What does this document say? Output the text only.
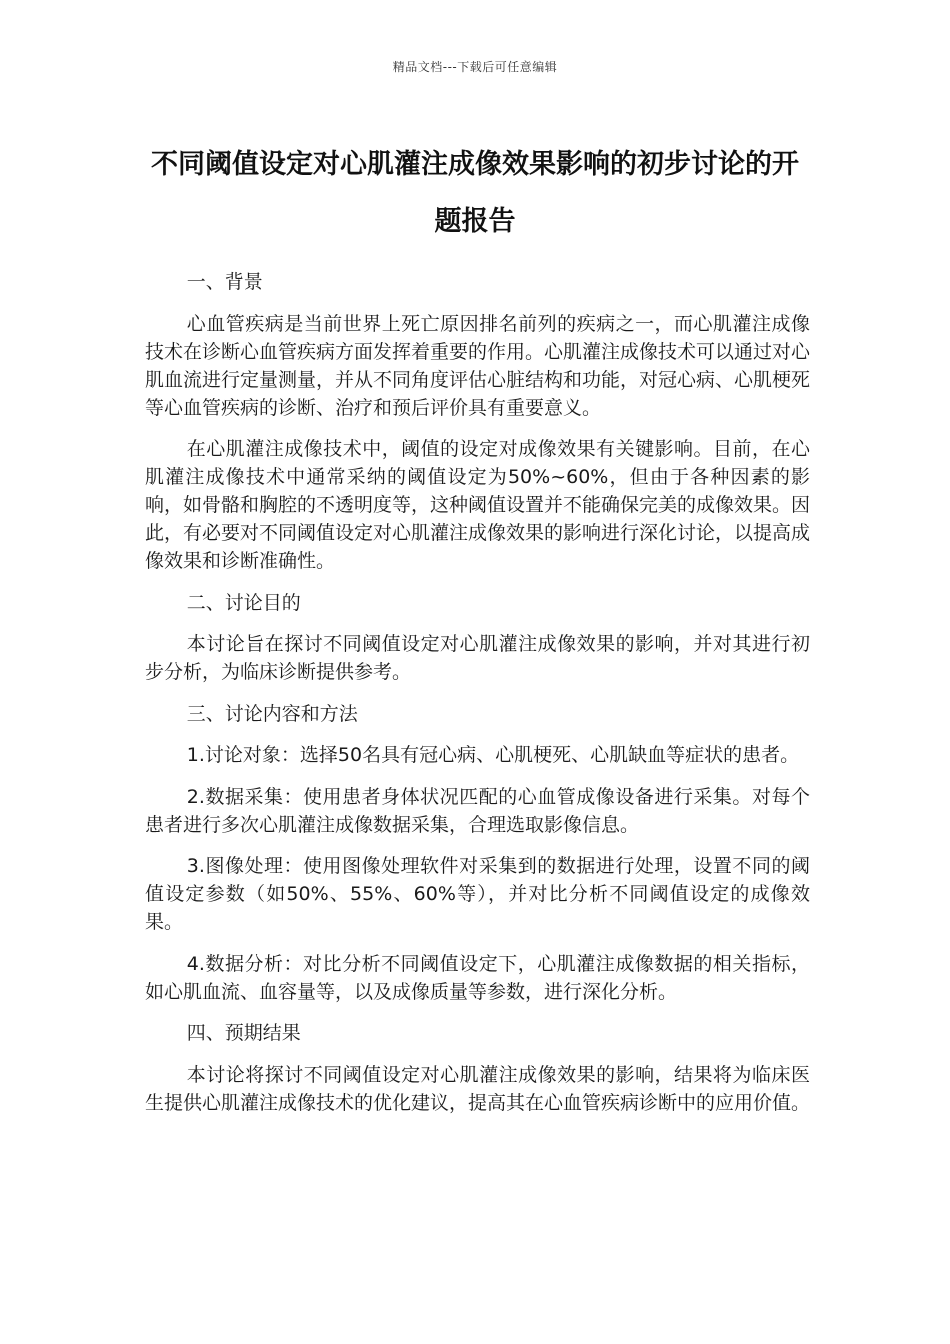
精品文档---下载后可任意编辑
不同阈值设定对心肌灌注成像效果影响的初步讨论的开题报告
一、背景
心血管疾病是当前世界上死亡原因排名前列的疾病之一，而心肌灌注成像技术在诊断心血管疾病方面发挥着重要的作用。心肌灌注成像技术可以通过对心肌血流进行定量测量，并从不同角度评估心脏结构和功能，对冠心病、心肌梗死等心血管疾病的诊断、治疗和预后评价具有重要意义。
在心肌灌注成像技术中，阈值的设定对成像效果有关键影响。目前，在心肌灌注成像技术中通常采纳的阈值设定为50%~60%，但由于各种因素的影响，如骨骼和胸腔的不透明度等，这种阈值设置并不能确保完美的成像效果。因此，有必要对不同阈值设定对心肌灌注成像效果的影响进行深化讨论，以提高成像效果和诊断准确性。
二、讨论目的
本讨论旨在探讨不同阈值设定对心肌灌注成像效果的影响，并对其进行初步分析，为临床诊断提供参考。
三、讨论内容和方法
1.讨论对象：选择50名具有冠心病、心肌梗死、心肌缺血等症状的患者。
2.数据采集：使用患者身体状况匹配的心血管成像设备进行采集。对每个患者进行多次心肌灌注成像数据采集，合理选取影像信息。
3.图像处理：使用图像处理软件对采集到的数据进行处理，设置不同的阈值设定参数（如50%、55%、60%等），并对比分析不同阈值设定的成像效果。
4.数据分析：对比分析不同阈值设定下，心肌灌注成像数据的相关指标，如心肌血流、血容量等，以及成像质量等参数，进行深化分析。
四、预期结果
本讨论将探讨不同阈值设定对心肌灌注成像效果的影响，结果将为临床医生提供心肌灌注成像技术的优化建议，提高其在心血管疾病诊断中的应用价值。
